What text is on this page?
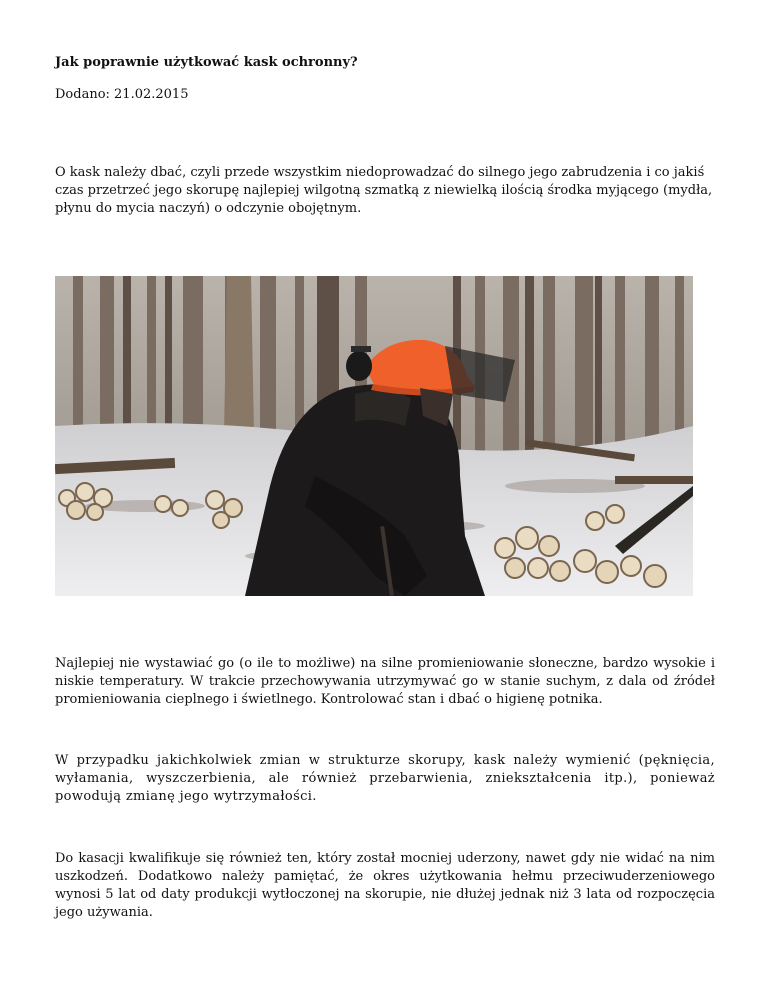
Jak poprawnie użytkować kask ochronny?
Dodano: 21.02.2015

O kask należy dbać, czyli przede wszystkim niedoprowadzać do silnego jego zabrudzenia i co jakiś czas przetrzeć jego skorupę najlepiej wilgotną szmatką z niewielką ilością środka myjącego (mydła, płynu do mycia naczyń) o odczynie obojętnym.

Najlepiej nie wystawiać go (o ile to możliwe) na silne promieniowanie słoneczne, bardzo wysokie i niskie temperatury. W trakcie przechowywania utrzymywać go w stanie suchym, z dala od źródeł promieniowania cieplnego i świetlnego. Kontrolować stan i dbać o higienę potnika.

W przypadku jakichkolwiek zmian w strukturze skorupy, kask należy wymienić (pęknięcia, wyłamania, wyszczerbienia, ale również przebarwienia, zniekształcenia itp.), ponieważ powodują zmianę jego wytrzymałości.

Do kasacji kwalifikuje się również ten, który został mocniej uderzony, nawet gdy nie widać na nim uszkodzeń. Dodatkowo należy pamiętać, że okres użytkowania hełmu przeciwuderzeniowego wynosi 5 lat od daty produkcji wytłoczonej na skorupie, nie dłużej jednak niż 3 lata od rozpoczęcia jego używania.
